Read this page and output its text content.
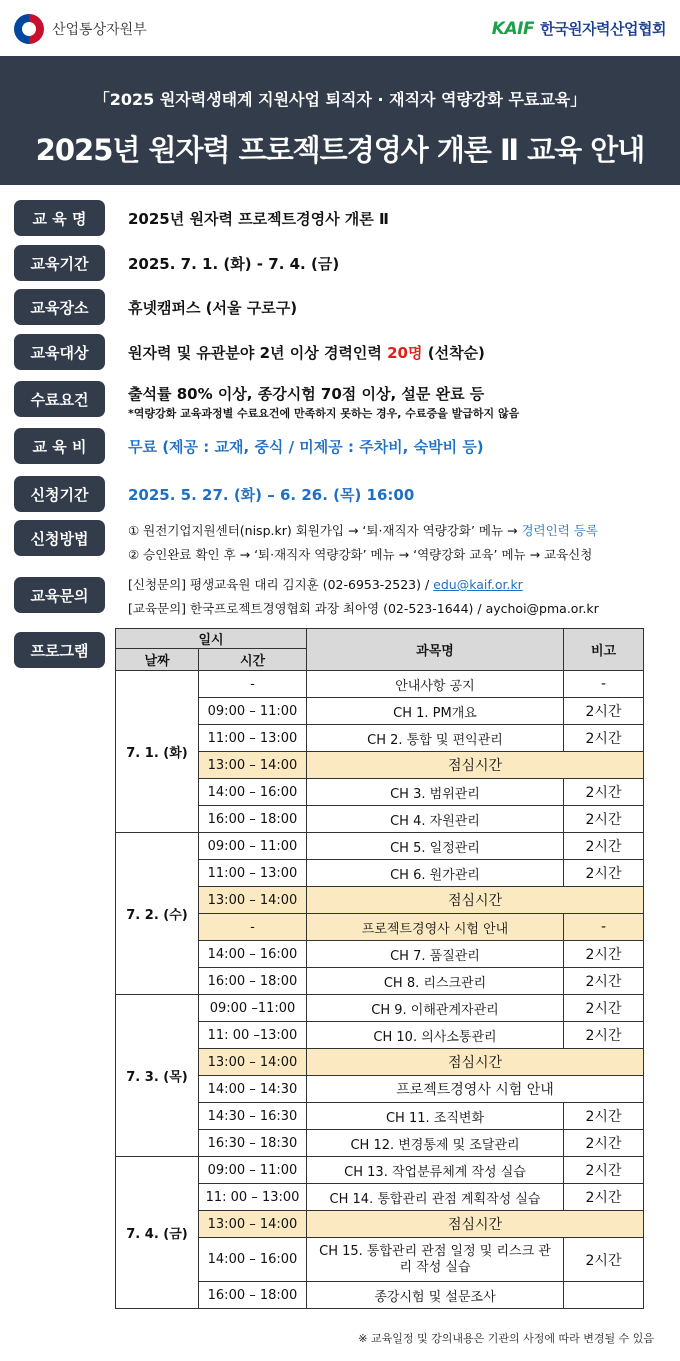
산업통상자원부	KAIF 한국원자력산업협회
「2025 원자력생태계 지원사업 퇴직자 · 재직자 역량강화 무료교육」
2025년 원자력 프로젝트경영사 개론 Ⅱ 교육 안내
교 육 명	2025년 원자력 프로젝트경영사 개론 Ⅱ
교육기간	2025. 7. 1. (화) - 7. 4. (금)
교육장소	휴넷캠퍼스 (서울 구로구)
교육대상	원자력 및 유관분야 2년 이상 경력인력 20명 (선착순)
수료요건	출석률 80% 이상, 종강시험 70점 이상, 설문 완료 등
*역량강화 교육과정별 수료요건에 만족하지 못하는 경우, 수료증을 발급하지 않음
교 육 비	무료 (제공 : 교재, 중식 / 미제공 : 주차비, 숙박비 등)
신청기간	2025. 5. 27. (화) – 6. 26. (목) 16:00
신청방법	① 원전기업지원센터(nisp.kr) 회원가입 → ‘퇴·재직자 역량강화’ 메뉴 → 경력인력 등록
② 승인완료 확인 후 → ‘퇴·재직자 역량강화’ 메뉴 → ‘역량강화 교육’ 메뉴 → 교육신청
교육문의
[신청문의] 평생교육원 대리 김지훈 (02-6953-2523) / edu@kaif.or.kr
[교육문의] 한국프로젝트경영협회 과장 최아영 (02-523-1644) / aychoi@pma.or.kr
프로그램
일시		과목명	비고
날짜	시간		
7. 1. (화)	-	안내사항 공지	-
	09:00 – 11:00	CH 1. PM개요	2시간
	11:00 – 13:00	CH 2. 통합 및 편익관리	2시간
	13:00 – 14:00	점심시간	
	14:00 – 16:00	CH 3. 범위관리	2시간
	16:00 – 18:00	CH 4. 자원관리	2시간
7. 2. (수)	09:00 – 11:00	CH 5. 일정관리	2시간
	11:00 – 13:00	CH 6. 원가관리	2시간
	13:00 – 14:00	점심시간	
	-	프로젝트경영사 시험 안내	-
	14:00 – 16:00	CH 7. 품질관리	2시간
	16:00 – 18:00	CH 8. 리스크관리	2시간
7. 3. (목)	09:00 –11:00	CH 9. 이해관계자관리	2시간
	11: 00 –13:00	CH 10. 의사소통관리	2시간
	13:00 – 14:00	점심시간	
	14:00 – 14:30	프로젝트경영사 시험 안내	
	14:30 – 16:30	CH 11. 조직변화	2시간
	16:30 – 18:30	CH 12. 변경통제 및 조달관리	2시간
7. 4. (금)	09:00 – 11:00	CH 13. 작업분류체계 작성 실습	2시간
	11: 00 – 13:00	CH 14. 통합관리 관점 계획작성 실습	2시간
	13:00 – 14:00	점심시간	
	14:00 – 16:00	CH 15. 통합관리 관점 일정 및 리스크 관리 작성 실습	2시간
	16:00 – 18:00	종강시험 및 설문조사	
※ 교육일정 및 강의내용은 기관의 사정에 따라 변경될 수 있음
